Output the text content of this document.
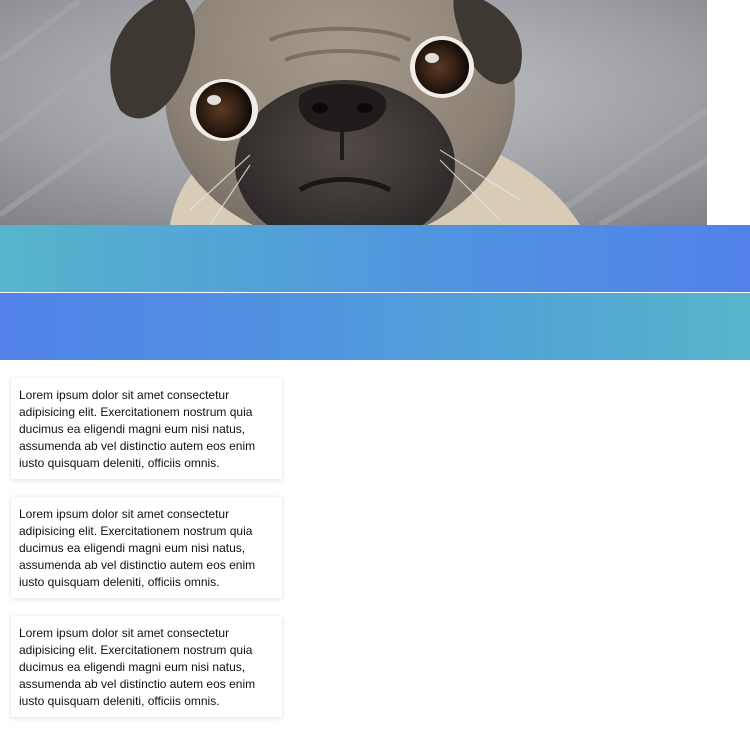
Lorem ipsum dolor sit amet consectetur adipisicing elit. Exercitationem nostrum quia ducimus ea eligendi magni eum nisi natus, assumenda ab vel distinctio autem eos enim iusto quisquam deleniti, officiis omnis.
Lorem ipsum dolor sit amet consectetur adipisicing elit. Exercitationem nostrum quia ducimus ea eligendi magni eum nisi natus, assumenda ab vel distinctio autem eos enim iusto quisquam deleniti, officiis omnis.
Lorem ipsum dolor sit amet consectetur adipisicing elit. Exercitationem nostrum quia ducimus ea eligendi magni eum nisi natus, assumenda ab vel distinctio autem eos enim iusto quisquam deleniti, officiis omnis.
